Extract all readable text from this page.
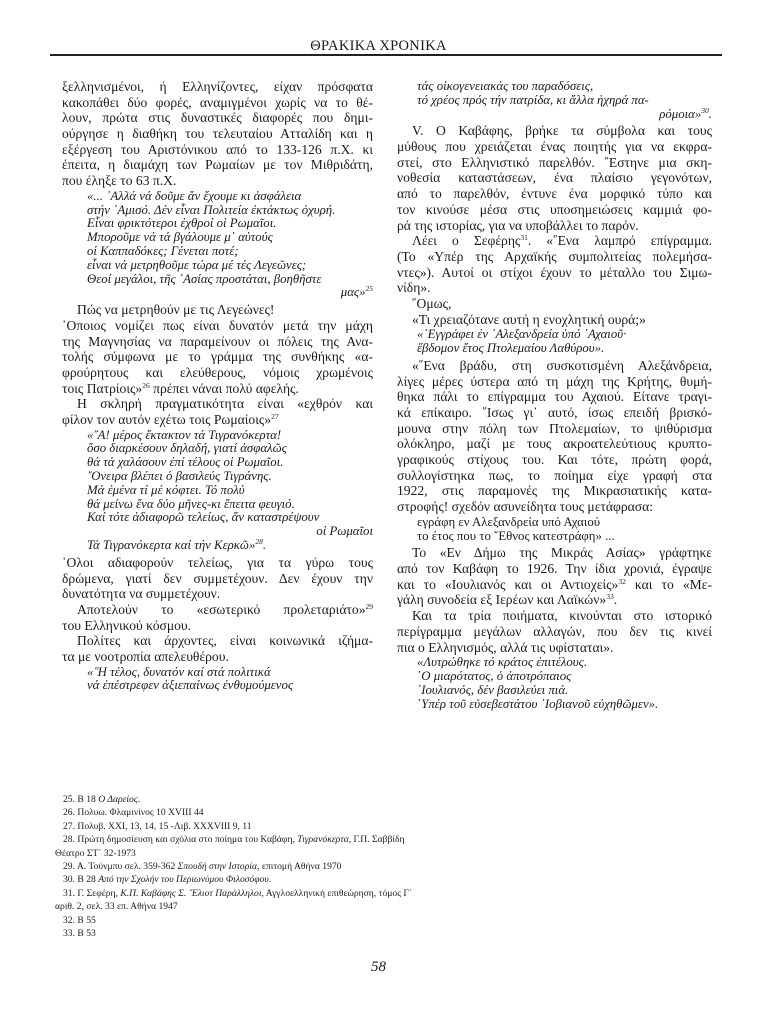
ΘΡΑΚΙΚΑ ΧΡΟΝΙΚΑ
ξελληνισμένοι, ή Ελληνίζοντες, είχαν πρόσφατα
κακοπάθει δύο φορές, αναμιγμένοι χωρίς να το θέ-
λουν, πρώτα στις δυναστικές διαφορές που δημι-
ούργησε η διαθήκη του τελευταίου Ατταλίδη και η
εξέργεση του Αριστόνικου από το 133-126 π.Χ. κι
έπειτα, η διαμάχη των Ρωμαίων με τον Μιθριδάτη,
που έληξε το 63 π.Χ.
«... ᾿Αλλά νά δοῦμε ἄν ἔχουμε κι ἀσφάλεια
στήν ᾿Αμισό. Δέν εἶναι Πολιτεία ἐκτάκτως ὀχυρή.
Εἶναι φρικτότεροι ἐχθροί οἱ Ρωμαῖοι.
Μποροῦμε νά τά βγάλουμε μ᾿ αὐτούς
οἱ Καππαδόκες; Γένεται ποτέ;
εἶναι νά μετρηθοῦμε τώρα μέ τές Λεγεῶνες;
Θεοί μεγάλοι, τῆς ᾿Ασίας προστάται, βοηθῆστε
μας»$^{25}$
Πώς να μετρηθούν με τις Λεγεώνες!
῾Οποιος νομίζει πως είναι δυνατόν μετά την μάχη
της Μαγνησίας να παραμείνουν οι πόλεις της Ανα-
τολής σύμφωνα με το γράμμα της συνθήκης «α-
φρούρητους και ελεύθερους, νόμοις χρωμένοις
τοις Πατρίοις»$^{26}$ πρέπει νάναι πολύ αφελής.
Η σκληρή πραγματικότητα είναι «εχθρόν και
φίλον τον αυτόν εχέτω τοις Ρωμαίοις»$^{27}$
«῎Α! μέρος ἔκτακτον τά Τιγρανόκερτα!
ὅσο διαρκέσουν δηλαδή, γιατί ἀσφαλῶς
θά τά χαλάσουν ἐπί τέλους οἱ Ρωμαῖοι.
῎Ονειρα βλέπει ὁ βασιλεύς Τιγράνης.
Μά ἐμένα τί μέ κόφτει. Τό πολύ
θά μείνω ἕνα δύο μῆνες-κι ἔπειτα φευγιό.
Καί τότε ἀδιαφορῶ τελείως, ἄν καταστρέψουν
οἱ Ρωμαῖοι
Τά Τιγρανόκερτα καί τήν Κερκῶ»$^{28}$.
῾Ολοι αδιαφορούν τελείως, για τα γύρω τους
δρώμενα, γιατί δεν συμμετέχουν. Δεν έχουν την
δυνατότητα να συμμετέχουν.
Αποτελούν το «εσωτερικό προλεταριάτο»$^{29}$
του Ελληνικού κόσμου.
Πολίτες και άρχοντες, είναι κοινωνικά ιζήμα-
τα με νοοτροπία απελευθέρου.
«῞Η τέλος, δυνατόν καί στά πολιτικά
νά ἐπέστρεφεν ἀξιεπαίνως ἐνθυμούμενος
τάς οἰκογενειακάς του παραδόσεις,
τό χρέος πρός τήν πατρίδα, κι ἄλλα ἠχηρά πα-
ρόμοια»$^{30}$.
V. Ο Καβάφης, βρήκε τα σύμβολα και τους
μύθους που χρειάζεται ένας ποιητής για να εκφρα-
στεί, στο Ελληνιστικό παρελθόν. ῎Εστηνε μια σκη-
νοθεσία καταστάσεων, ένα πλαίσιο γεγονότων,
από το παρελθόν, έντυνε ένα μορφικό τύπο και
τον κινούσε μέσα στις υποσημειώσεις καμμιά φο-
ρά της ιστορίας, για να υποβάλλει το παρόν.
Λέει ο Σεφέρης$^{31}$. «῞Ενα λαμπρό επίγραμμα.
(Το «Υπέρ της Αρχαϊκής συμπολιτείας πολεμήσα-
ντες»). Αυτοί οι στίχοι έχουν το μέταλλο του Σιμω-
νίδη».
῞Ομως,
«Τι χρειαζότανε αυτή η ενοχλητική ουρά;»
«᾿Εγγράφει ἐν ᾿Αλεξανδρεία ὑπό ᾿Αχαιοῦ·
ἕβδομον ἔτος Πτολεμαίου Λαθύρου».
«῞Ενα βράδυ, στη συσκοτισμένη Αλεξάνδρεια,
λίγες μέρες ύστερα από τη μάχη της Κρήτης, θυμή-
θηκα πάλι το επίγραμμα του Αχαιού. Είτανε τραγι-
κά επίκαιρο. ῎Ισως γι᾿ αυτό, ίσως επειδή βρισκό-
μουνα στην πόλη των Πτολεμαίων, το ψιθύρισμα
ολόκληρο, μαζί με τους ακροατελεύτιους κρυπτο-
γραφικούς στίχους του. Και τότε, πρώτη φορά,
συλλογίστηκα πως, το ποίημα είχε γραφή στα
1922, στις παραμονές της Μικρασιατικής κατα-
στροφής! σχεδόν ασυνείδητα τους μετάφρασα:
εγράφη εν Αλεξανδρεία υπό Αχαιού
το έτος που το ῎Εθνος κατεστράφη» ...
Το «Εν Δήμω της Μικράς Ασίας» γράφτηκε
από τον Καβάφη το 1926. Την ίδια χρονιά, έγραψε
και το «Ιουλιανός και οι Αντιοχείς»$^{32}$ και το «Με-
γάλη συνοδεία εξ Ιερέων και Λαϊκών»$^{33}$.
Και τα τρία ποιήματα, κινούνται στο ιστορικό
περίγραμμα μεγάλων αλλαγών, που δεν τις κινεί
πια ο Ελληνισμός, αλλά τις υφίσταται».
«Λυτρώθηκε τό κράτος ἐπιτέλους.
῾Ο μιαρότατος, ὁ ἀποτρόπαιος
᾿Ιουλιανός, δέν βασιλεύει πιά.
῾Υπέρ τοῦ εὐσεβεστάτου ᾿Ιοβιανοῦ εὐχηθῶμεν».
25. Β 18 Ο Δαρείος.
26. Πολυω. Φλαμινίνος 10 XVIII 44
27. Πολυβ. XXI, 13, 14, 15 -Λιβ. XXXVIII 9, 11
28. Πρώτη δημοσίευση και σχόλια στο ποίημα του Καβάφη, Τιγρανόκερτα, Γ.Π. Σαββίδη
Θέατρο ΣΤ΄ 32-1973
29. Α. Τούνμπυ σελ. 359-362 Σπουδή στην Ιστορία, επιτομή Αθήνα 1970
30. Β 28 Από την Σχολήν του Περιωνύμου Φιλοσόφου.
31. Γ. Σεφέρη, Κ.Π. Καβάφης Σ. ῎Ελιοτ Παράλληλοι, Αγγλοελληνική επιθεώρηση, τόμος Γ΄
αριθ. 2, σελ. 33 επ. Αθήνα 1947
32. Β 55
33. Β 53
58
